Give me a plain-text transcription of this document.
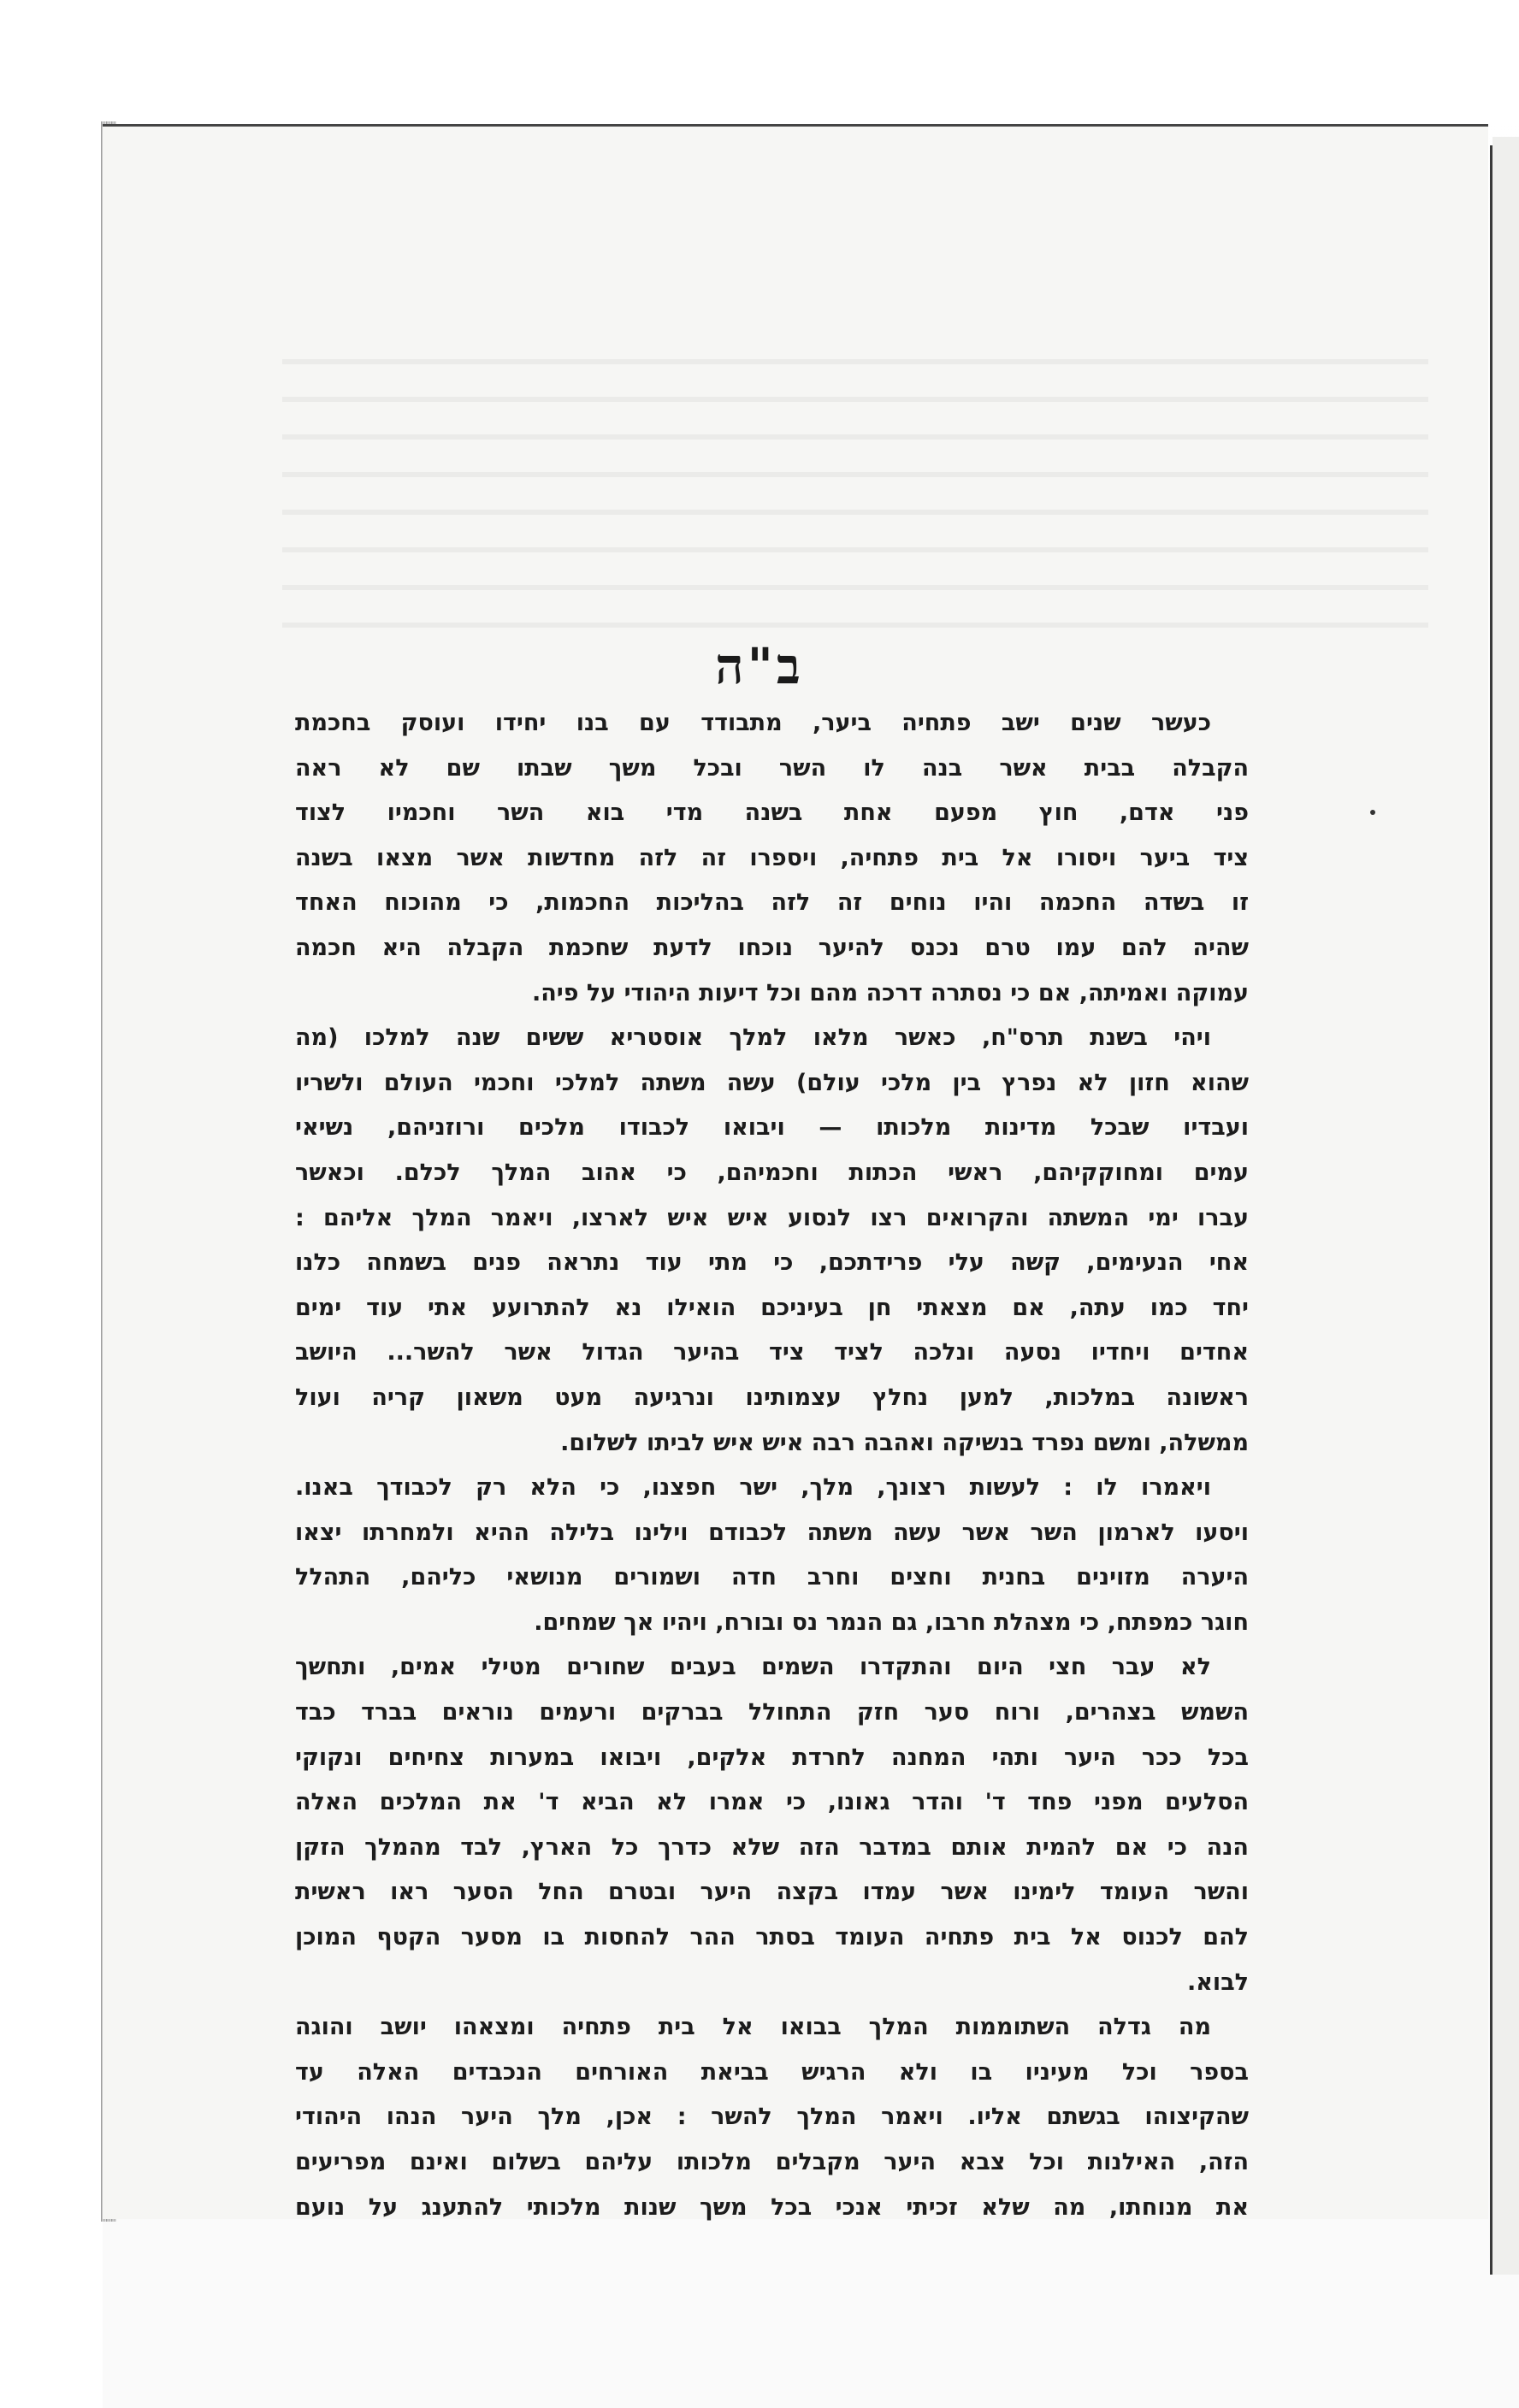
ב"ה

כעשר שנים ישב פתחיה ביער, מתבודד עם בנו יחידו ועוסק בחכמת
הקבלה בבית אשר בנה לו השר ובכל משך שבתו שם לא ראה
פני אדם, חוץ מפעם אחת בשנה מדי בוא השר וחכמיו לצוד
ציד ביער ויסורו אל בית פתחיה, ויספרו זה לזה מחדשות אשר מצאו בשנה
זו בשדה החכמה והיו נוחים זה לזה בהליכות החכמות, כי מהוכוח האחד
שהיה להם עמו טרם נכנס להיער נוכחו לדעת שחכמת הקבלה היא חכמה
עמוקה ואמיתה, אם כי נסתרה דרכה מהם וכל דיעות היהודי על פיה.

ויהי בשנת תרס"ח, כאשר מלאו למלך אוסטריא ששים שנה למלכו (מה
שהוא חזון לא נפרץ בין מלכי עולם) עשה משתה למלכי וחכמי העולם ולשריו
ועבדיו שבכל מדינות מלכותו — ויבואו לכבודו מלכים ורוזניהם, נשיאי
עמים ומחוקקיהם, ראשי הכתות וחכמיהם, כי אהוב המלך לכלם. וכאשר
עברו ימי המשתה והקרואים רצו לנסוע איש איש לארצו, ויאמר המלך אליהם :
אחי הנעימים, קשה עלי פרידתכם, כי מתי עוד נתראה פנים בשמחה כלנו
יחד כמו עתה, אם מצאתי חן בעיניכם הואילו נא להתרועע אתי עוד ימים
אחדים ויחדיו נסעה ונלכה לציד ציד בהיער הגדול אשר להשר... היושב
ראשונה במלכות, למען נחלץ עצמותינו ונרגיעה מעט משאון קריה ועול
ממשלה, ומשם נפרד בנשיקה ואהבה רבה איש איש לביתו לשלום.

ויאמרו לו : לעשות רצונך, מלך, ישר חפצנו, כי הלא רק לכבודך באנו.
ויסעו לארמון השר אשר עשה משתה לכבודם וילינו בלילה ההיא ולמחרתו יצאו
היערה מזוינים בחנית וחצים וחרב חדה ושמורים מנושאי כליהם, התהלל
חוגר כמפתח, כי מצהלת חרבו, גם הנמר נס ובורח, ויהיו אך שמחים.

לא עבר חצי היום והתקדרו השמים בעבים שחורים מטילי אמים, ותחשך
השמש בצהרים, ורוח סער חזק התחולל בברקים ורעמים נוראים בברד כבד
בכל ככר היער ותהי המחנה לחרדת אלקים, ויבואו במערות צחיחים ונקוקי
הסלעים מפני פחד ד' והדר גאונו, כי אמרו לא הביא ד' את המלכים האלה
הנה כי אם להמית אותם במדבר הזה שלא כדרך כל הארץ, לבד מהמלך הזקן
והשר העומד לימינו אשר עמדו בקצה היער ובטרם החל הסער ראו ראשית
להם לכנוס אל בית פתחיה העומד בסתר ההר להחסות בו מסער הקטף המוכן
לבוא.

מה גדלה השתוממות המלך בבואו אל בית פתחיה ומצאהו יושב והוגה
בספר וכל מעיניו בו ולא הרגיש בביאת האורחים הנכבדים האלה עד
שהקיצוהו בגשתם אליו. ויאמר המלך להשר : אכן, מלך היער הנהו היהודי
הזה, האילנות וכל צבא היער מקבלים מלכותו עליהם בשלום ואינם מפריעים
את מנוחתו, מה שלא זכיתי אנכי בכל משך שנות מלכותי להתענג על נועם
